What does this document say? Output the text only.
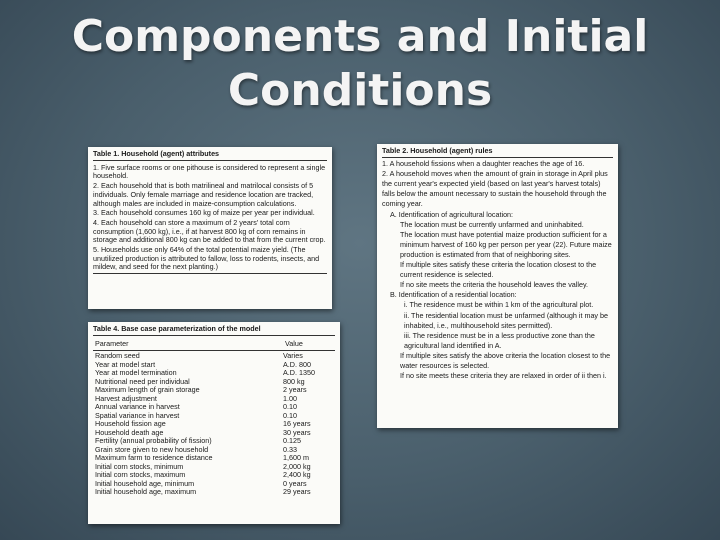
Components and Initial
Conditions
Table 1. Household (agent) attributes
1. Five surface rooms or one pithouse is considered to represent a single household.
2. Each household that is both matrilineal and matrilocal consists of 5 individuals. Only female marriage and residence location are tracked, although males are included in maize-consumption calculations.
3. Each household consumes 160 kg of maize per year per individual.
4. Each household can store a maximum of 2 years' total corn consumption (1,600 kg), i.e., if at harvest 800 kg of corn remains in storage and additional 800 kg can be added to that from the current crop.
5. Households use only 64% of the total potential maize yield. (The unutilized production is attributed to fallow, loss to rodents, insects, and mildew, and seed for the next planting.)
Table 2. Household (agent) rules
1. A household fissions when a daughter reaches the age of 16.
2. A household moves when the amount of grain in storage in April plus the current year's expected yield (based on last year's harvest totals) falls below the amount necessary to sustain the household through the coming year.
A. Identification of agricultural location:
The location must be currently unfarmed and uninhabited.
The location must have potential maize production sufficient for a minimum harvest of 160 kg per person per year (22). Future maize production is estimated from that of neighboring sites.
If multiple sites satisfy these criteria the location closest to the current residence is selected.
If no site meets the criteria the household leaves the valley.
B. Identification of a residential location:
i. The residence must be within 1 km of the agricultural plot.
ii. The residential location must be unfarmed (although it may be inhabited, i.e., multihousehold sites permitted).
iii. The residence must be in a less productive zone than the agricultural land identified in A.
If multiple sites satisfy the above criteria the location closest to the water resources is selected.
If no site meets these criteria they are relaxed in order of ii then i.
Table 4. Base case parameterization of the model
Parameter	Value
Random seed	Varies
Year at model start	A.D. 800
Year at model termination	A.D. 1350
Nutritional need per individual	800 kg
Maximum length of grain storage	2 years
Harvest adjustment	1.00
Annual variance in harvest	0.10
Spatial variance in harvest	0.10
Household fission age	16 years
Household death age	30 years
Fertility (annual probability of fission)	0.125
Grain store given to new household	0.33
Maximum farm to residence distance	1,600 m
Initial corn stocks, minimum	2,000 kg
Initial corn stocks, maximum	2,400 kg
Initial household age, minimum	0 years
Initial household age, maximum	29 years
